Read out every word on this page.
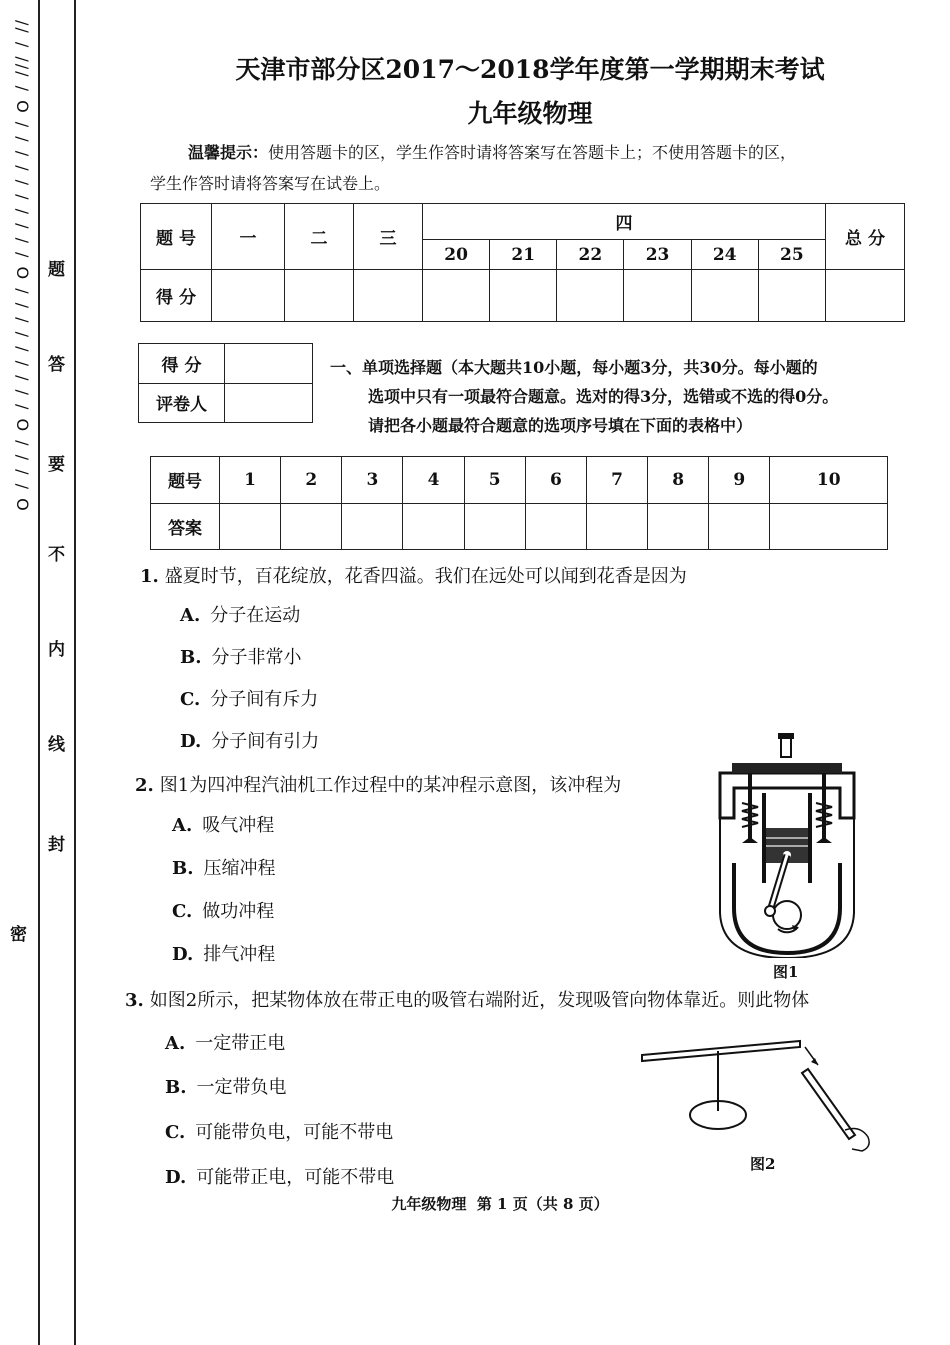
题
答
要
不
内
线
封
密
// / /// / O / / / / / / / / / / O / / / / / / / / / O / / / / O	天津市部分区2017～2018学年度第一学期期末考试
九年级物理
温馨提示：使用答题卡的区，学生作答时请将答案写在答题卡上；不使用答题卡的区，
学生作答时请将答案写在试卷上。
题 号	一	二	三	四						总 分
				20	21	22	23	24	25	
得 分										
得 分	
评卷人	
一、单项选择题（本大题共10小题，每小题3分，共30分。每小题的
选项中只有一项最符合题意。选对的得3分，选错或不选的得0分。
请把各小题最符合题意的选项序号填在下面的表格中）
题号	1	2	3	4	5	6	7	8	9	10
答案										
1. 盛夏时节，百花绽放，花香四溢。我们在远处可以闻到花香是因为
A. 分子在运动
B. 分子非常小
C. 分子间有斥力
D. 分子间有引力
2. 图1为四冲程汽油机工作过程中的某冲程示意图，该冲程为
A. 吸气冲程
B. 压缩冲程
C. 做功冲程
D. 排气冲程
图1
3. 如图2所示，把某物体放在带正电的吸管右端附近，发现吸管向物体靠近。则此物体
A. 一定带正电
B. 一定带负电
C. 可能带负电，可能不带电
D. 可能带正电，可能不带电
图2
九年级物理  第 1 页（共 8 页）
